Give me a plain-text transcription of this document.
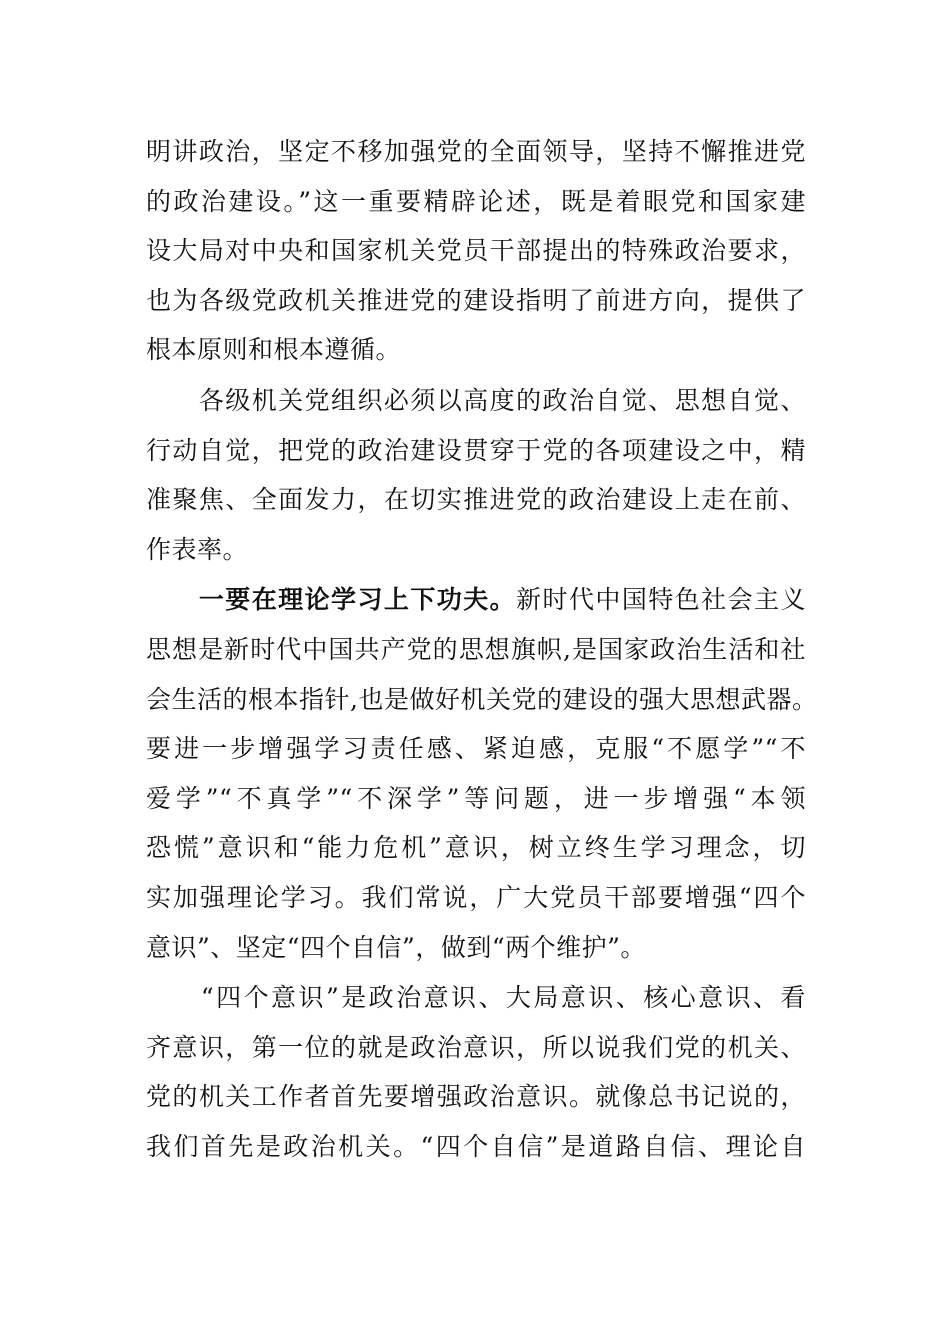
明讲政治，坚定不移加强党的全面领导，坚持不懈推进党
的政治建设。”这一重要精辟论述，既是着眼党和国家建
设大局对中央和国家机关党员干部提出的特殊政治要求，
也为各级党政机关推进党的建设指明了前进方向，提供了
根本原则和根本遵循。
　　各级机关党组织必须以高度的政治自觉、思想自觉、
行动自觉，把党的政治建设贯穿于党的各项建设之中，精
准聚焦、全面发力，在切实推进党的政治建设上走在前、
作表率。
　　一要在理论学习上下功夫。新时代中国特色社会主义
思想是新时代中国共产党的思想旗帜,是国家政治生活和社
会生活的根本指针,也是做好机关党的建设的强大思想武器。
要进一步增强学习责任感、紧迫感，克服“不愿学”“不
爱学”“不真学”“不深学”等问题，进一步增强“本领
恐慌”意识和“能力危机”意识，树立终生学习理念，切
实加强理论学习。我们常说，广大党员干部要增强“四个
意识”、坚定“四个自信”，做到“两个维护”。
　　“四个意识”是政治意识、大局意识、核心意识、看
齐意识，第一位的就是政治意识，所以说我们党的机关、
党的机关工作者首先要增强政治意识。就像总书记说的，
我们首先是政治机关。“四个自信”是道路自信、理论自
